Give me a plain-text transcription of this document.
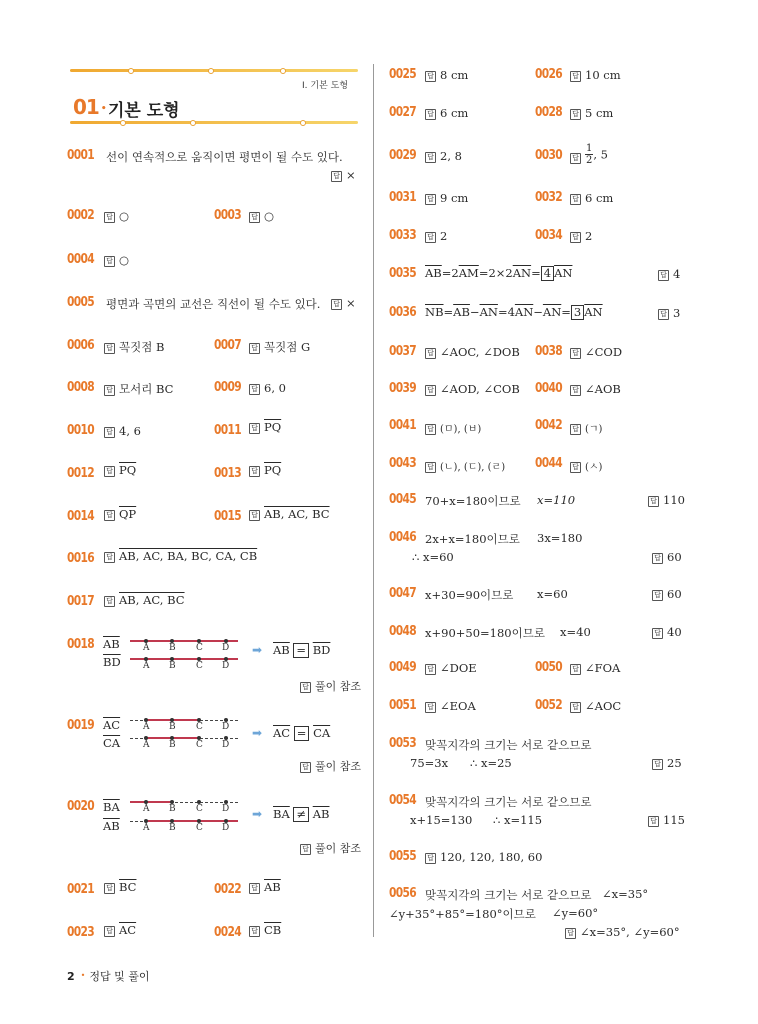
Ⅰ. 기본 도형
01 • 기본 도형
0001 선이 연속적으로 움직이면 평면이 될 수도 있다.
답 ×
0002	답 ○	0003	답 ○
0004	답 ○
0005 평면과 곡면의 교선은 직선이 될 수도 있다.	답 ×
0006	답 꼭짓점 B	0007	답 꼭짓점 G
0008	답 모서리 BC	0009	답 6, 0
0010	답 4, 6	0011	답 $\overline{PQ}$
0012	답 $\overline{PQ}$	0013	답 $\overline{PQ}$
0014	답 $\overline{QP}$	0015	답 AB, AC, BC
0016	답 AB, AC, BA, BC, CA, CB
0017	답 AB, AC, BC
0018 $\overline{AB}$
$\overline{BD}$
A B C D
A B C D
➡ $\overline{AB} = \overline{BD}$
답 풀이 참조
0019 $\overline{AC}$
$\overline{CA}$
A B C D
A B C D
➡ $\overline{AC} = \overline{CA}$
답 풀이 참조
0020 $\overline{BA}$
$\overline{AB}$
A B C D
A B C D
➡ $\overline{BA} \ne \overline{AB}$
답 풀이 참조
0021	답 $\overline{BC}$	0022	답 $\overline{AB}$
0023	답 $\overline{AC}$	0024	답 $\overline{CB}$
0025	답 8 cm	0026	답 10 cm
0027	답 6 cm	0028	답 5 cm
0029	답 2, 8	0030	답 $\frac{1}{2}$ , 5
0031	답 9 cm	0032	답 6 cm
0033	답 2	0034	답 2
0035 $\overline{AB}=2\overline{AM}=2\times 2\overline{AN}= 4$ $\overline{AN}$	답 4
0036 $\overline{NB}=\overline{AB}-\overline{AN}=4\overline{AN}-\overline{AN}= 3$ $\overline{AN}$	답 3
0037	답 ∠AOC, ∠DOB 0038	답 ∠COD
0039	답 ∠AOD, ∠COB 0040	답 ∠AOB
0041	답 (ㅁ), (ㅂ)	0042	답 (ㄱ)
0043	답 (ㄴ), (ㄷ), (ㄹ) 0044	답 (ㅅ)
0045 70+x=180이므로 x=110	답 110
0046 2x+x=180이므로 3x=180
∴ x=60	답 60
0047 x+30=90이므로 x=60	답 60
0048 x+90+50=180이므로 x=40	답 40
0049	답 ∠DOE	0050	답 ∠FOA
0051	답 ∠EOA	0052	답 ∠AOC
0053 맞꼭지각의 크기는 서로 같으므로
75=3x ∴ x=25	답 25
0054 맞꼭지각의 크기는 서로 같으므로
x+15=130 ∴ x=115	답 115
0055	답 120, 120, 180, 60
0056 맞꼭지각의 크기는 서로 같으므로 ∠x=35°
∠y+35°+85°=180°이므로 ∠y=60°
답 ∠x=35°, ∠y=60°
2 • 정답 및 풀이
